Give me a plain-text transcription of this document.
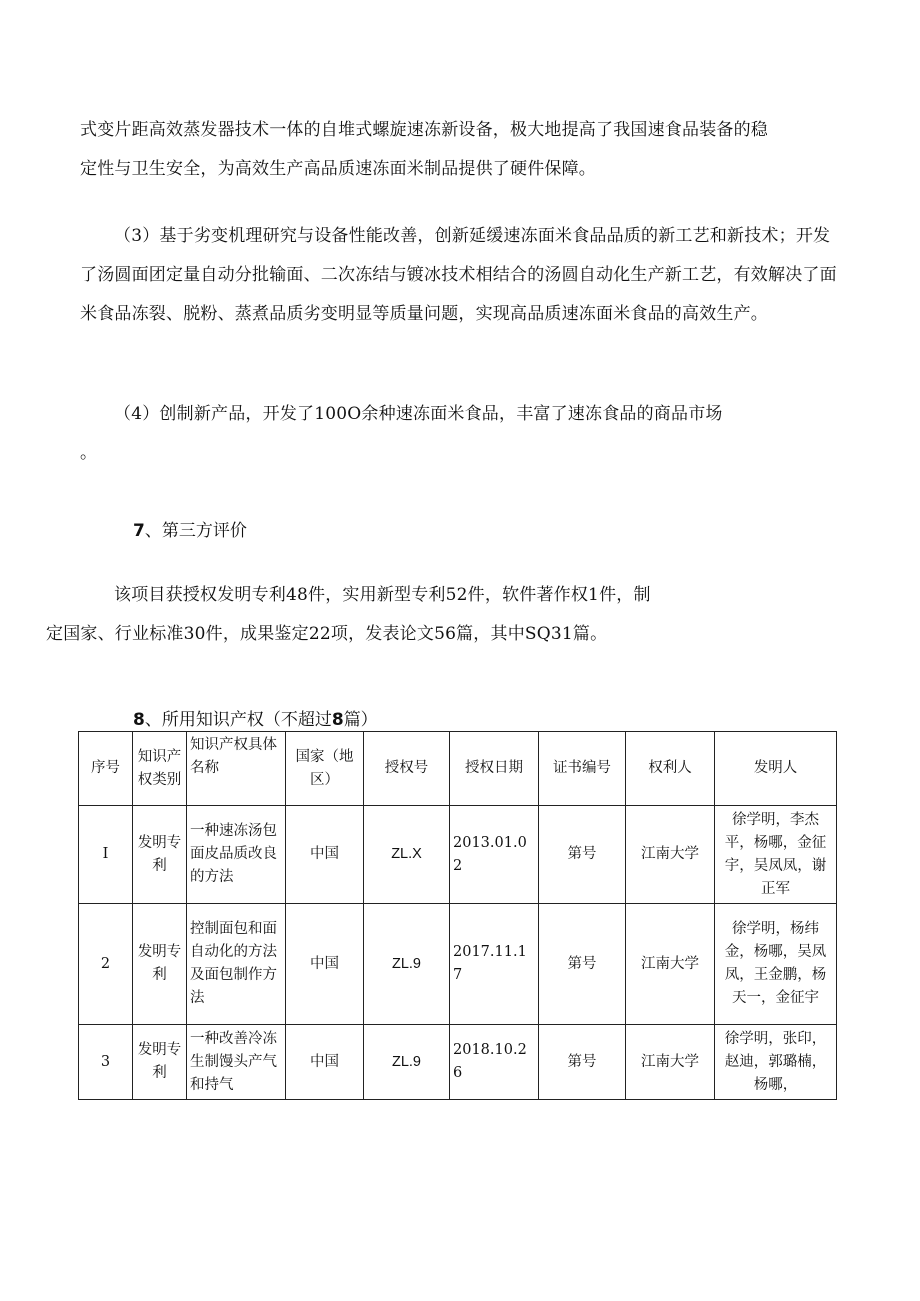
式变片距高效蒸发器技术一体的自堆式螺旋速冻新设备，极大地提高了我国速食品装备的稳
定性与卫生安全，为高效生产高品质速冻面米制品提供了硬件保障。

（3）基于劣变机理研究与设备性能改善，创新延缓速冻面米食品品质的新工艺和新技术；开发了汤圆面团定量自动分批输面、二次冻结与镀冰技术相结合的汤圆自动化生产新工艺，有效解决了面米食品冻裂、脱粉、蒸煮品质劣变明显等质量问题，实现高品质速冻面米食品的高效生产。

（4）创制新产品，开发了100O余种速冻面米食品，丰富了速冻食品的商品市场
。

7、第三方评价

该项目获授权发明专利48件，实用新型专利52件，软件著作权1件，制
定国家、行业标准30件，成果鉴定22项，发表论文56篇，其中SQ31篇。

8、所用知识产权（不超过8篇）

序号	知识产权类别	知识产权具体名称	国家（地区）	授权号	授权日期	证书编号	权利人	发明人
I	发明专利	一种速冻汤包面皮品质改良的方法	中国	ZL.X	2013.01.02	第号	江南大学	徐学明，李杰平，杨哪，金征宇，吴凤凤，谢正军
2	发明专利	控制面包和面自动化的方法及面包制作方法	中国	ZL.9	2017.11.17	第号	江南大学	徐学明，杨纬金，杨哪，吴凤凤，王金鹏，杨天一，金征宇
3	发明专利	一种改善冷冻生制馒头产气和持气	中国	ZL.9	2018.10.26	第号	江南大学	徐学明，张印，赵迪，郭璐楠，杨哪，
